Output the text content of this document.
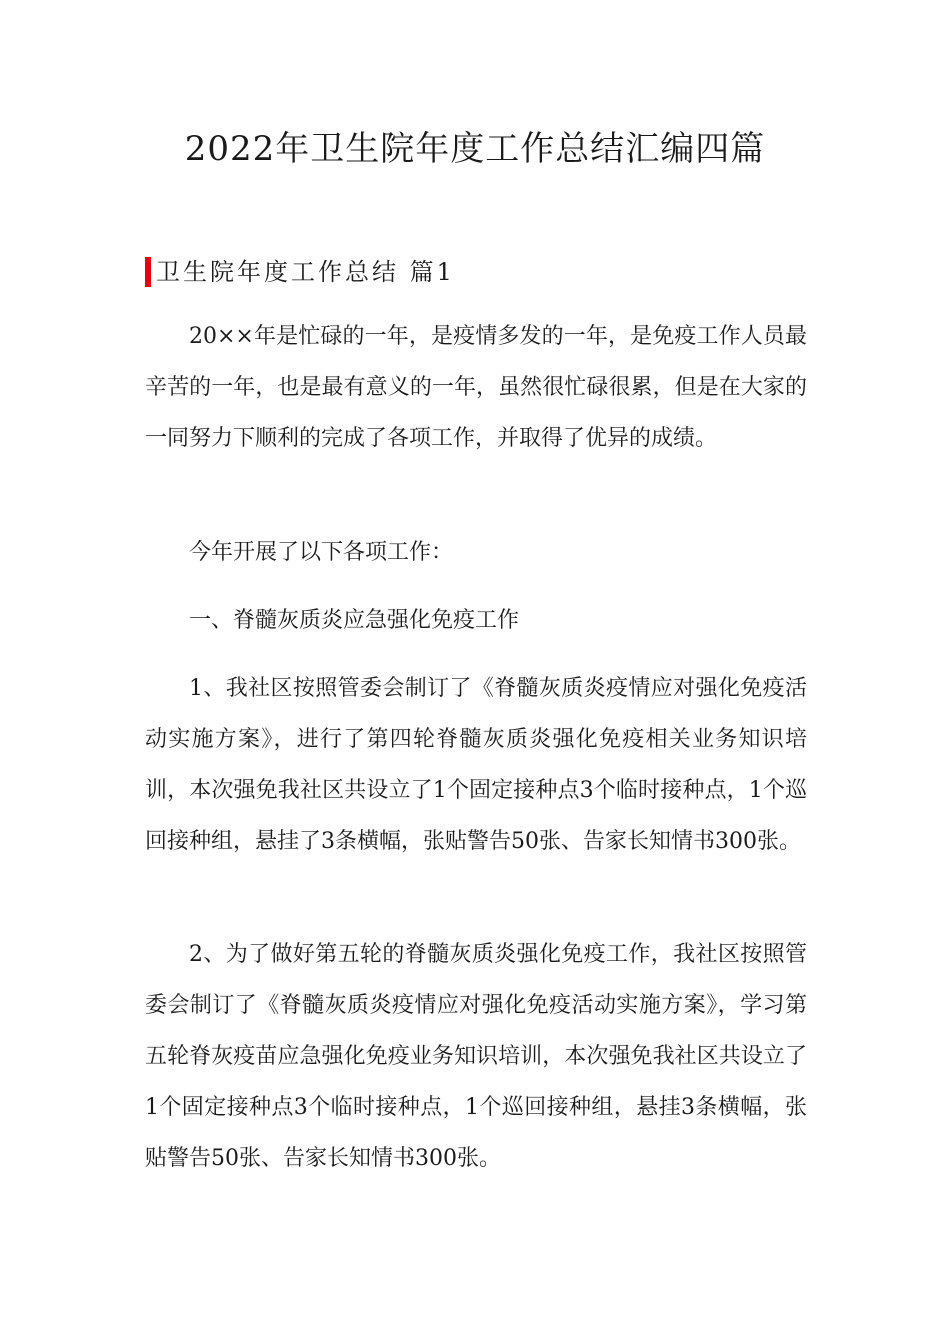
2022年卫生院年度工作总结汇编四篇
卫生院年度工作总结 篇1

20××年是忙碌的一年，是疫情多发的一年，是免疫工作人员最辛苦的一年，也是最有意义的一年，虽然很忙碌很累，但是在大家的一同努力下顺利的完成了各项工作，并取得了优异的成绩。

今年开展了以下各项工作：

一、脊髓灰质炎应急强化免疫工作

1、我社区按照管委会制订了《脊髓灰质炎疫情应对强化免疫活动实施方案》，进行了第四轮脊髓灰质炎强化免疫相关业务知识培训，本次强免我社区共设立了1个固定接种点3个临时接种点，1个巡回接种组，悬挂了3条横幅，张贴警告50张、告家长知情书300张。

2、为了做好第五轮的脊髓灰质炎强化免疫工作，我社区按照管委会制订了《脊髓灰质炎疫情应对强化免疫活动实施方案》，学习第五轮脊灰疫苗应急强化免疫业务知识培训，本次强免我社区共设立了1个固定接种点3个临时接种点，1个巡回接种组，悬挂3条横幅，张贴警告50张、告家长知情书300张。
